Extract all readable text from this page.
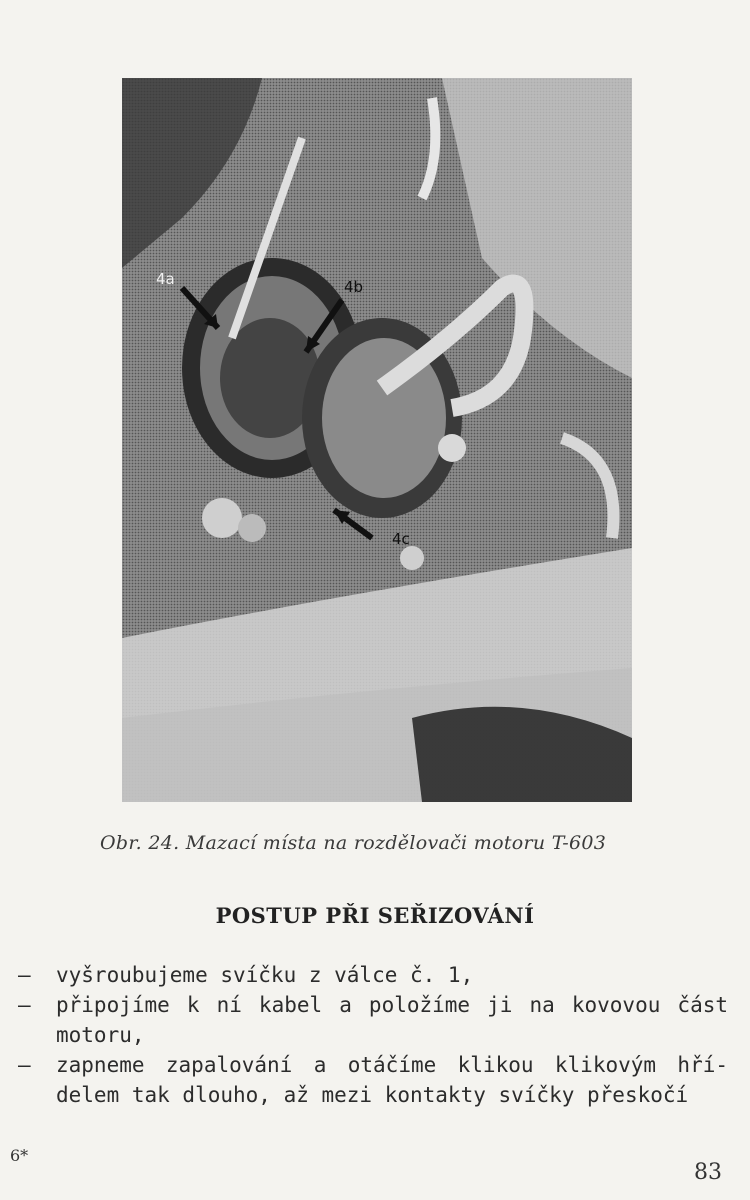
4a	4b
4c
Obr. 24. Mazací místa na rozdělovači motoru T-603
POSTUP PŘI SEŘIZOVÁNÍ
— vyšroubujeme svíčku z válce č. 1,
— připojíme k ní kabel a položíme ji na kovovou část motoru,
— zapneme zapalování a otáčíme klikou klikovým hří-delem tak dlouho, až mezi kontakty svíčky přeskočí
6*
83
